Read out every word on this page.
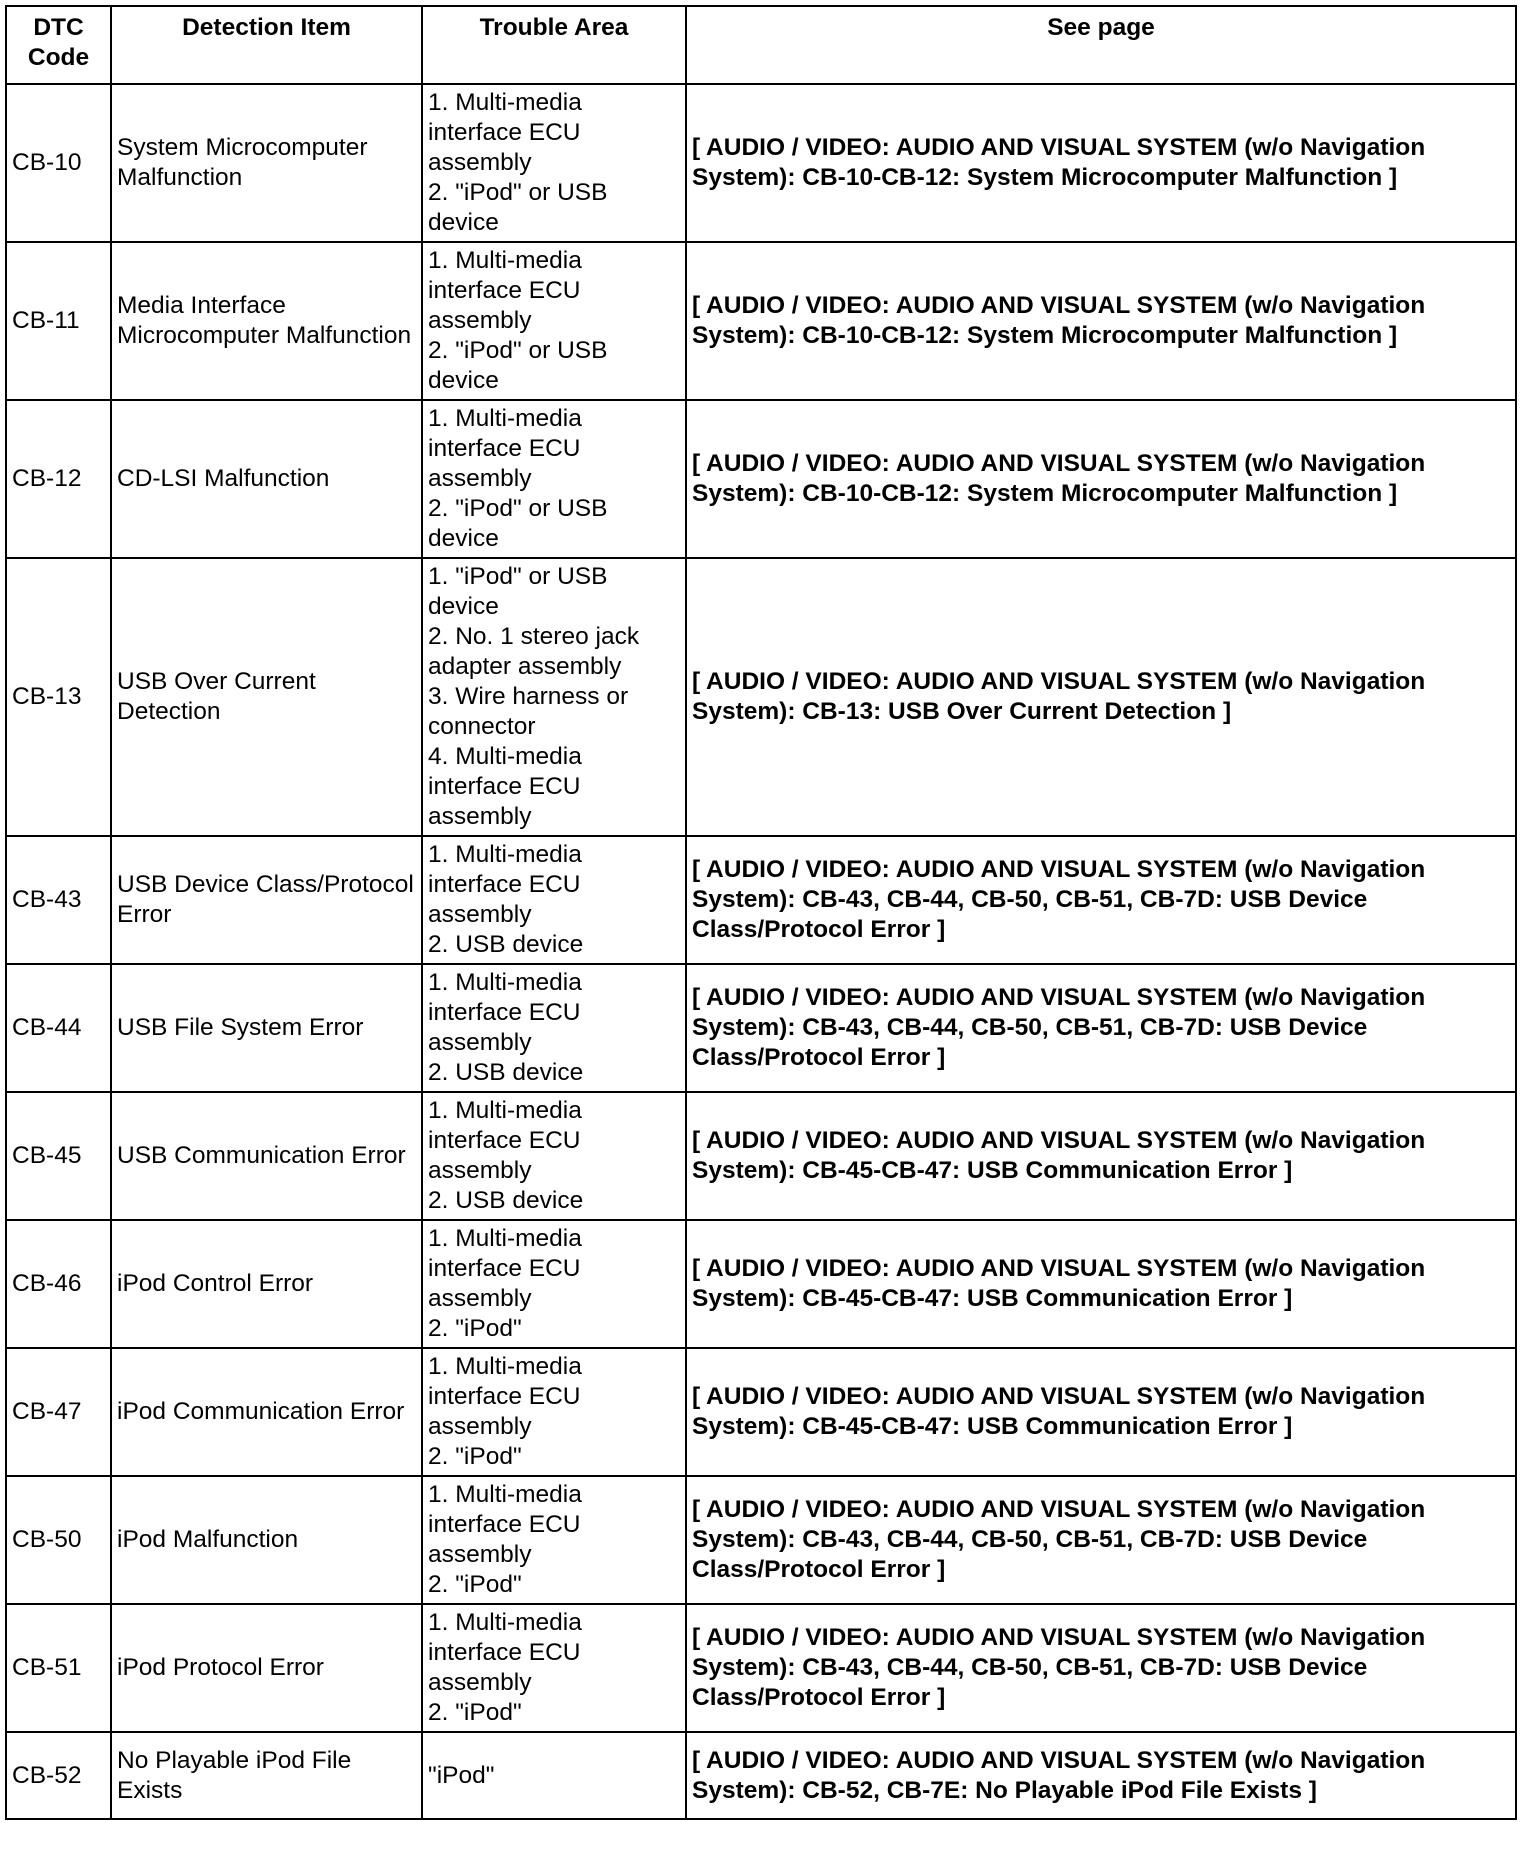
DTC Code	Detection Item	Trouble Area	See page
CB-10	System Microcomputer Malfunction	1. Multi-media interface ECU assembly
2. "iPod" or USB device	[ AUDIO / VIDEO: AUDIO AND VISUAL SYSTEM (w/o Navigation System): CB-10-CB-12: System Microcomputer Malfunction ]
CB-11	Media Interface Microcomputer Malfunction	1. Multi-media interface ECU assembly
2. "iPod" or USB device	[ AUDIO / VIDEO: AUDIO AND VISUAL SYSTEM (w/o Navigation System): CB-10-CB-12: System Microcomputer Malfunction ]
CB-12	CD-LSI Malfunction	1. Multi-media interface ECU assembly
2. "iPod" or USB device	[ AUDIO / VIDEO: AUDIO AND VISUAL SYSTEM (w/o Navigation System): CB-10-CB-12: System Microcomputer Malfunction ]
CB-13	USB Over Current Detection	1. "iPod" or USB device
2. No. 1 stereo jack adapter assembly
3. Wire harness or connector
4. Multi-media interface ECU assembly	[ AUDIO / VIDEO: AUDIO AND VISUAL SYSTEM (w/o Navigation System): CB-13: USB Over Current Detection ]
CB-43	USB Device Class/Protocol Error	1. Multi-media interface ECU assembly
2. USB device	[ AUDIO / VIDEO: AUDIO AND VISUAL SYSTEM (w/o Navigation System): CB-43, CB-44, CB-50, CB-51, CB-7D: USB Device Class/Protocol Error ]
CB-44	USB File System Error	1. Multi-media interface ECU assembly
2. USB device	[ AUDIO / VIDEO: AUDIO AND VISUAL SYSTEM (w/o Navigation System): CB-43, CB-44, CB-50, CB-51, CB-7D: USB Device Class/Protocol Error ]
CB-45	USB Communication Error	1. Multi-media interface ECU assembly
2. USB device	[ AUDIO / VIDEO: AUDIO AND VISUAL SYSTEM (w/o Navigation System): CB-45-CB-47: USB Communication Error ]
CB-46	iPod Control Error	1. Multi-media interface ECU assembly
2. "iPod"	[ AUDIO / VIDEO: AUDIO AND VISUAL SYSTEM (w/o Navigation System): CB-45-CB-47: USB Communication Error ]
CB-47	iPod Communication Error	1. Multi-media interface ECU assembly
2. "iPod"	[ AUDIO / VIDEO: AUDIO AND VISUAL SYSTEM (w/o Navigation System): CB-45-CB-47: USB Communication Error ]
CB-50	iPod Malfunction	1. Multi-media interface ECU assembly
2. "iPod"	[ AUDIO / VIDEO: AUDIO AND VISUAL SYSTEM (w/o Navigation System): CB-43, CB-44, CB-50, CB-51, CB-7D: USB Device Class/Protocol Error ]
CB-51	iPod Protocol Error	1. Multi-media interface ECU assembly
2. "iPod"	[ AUDIO / VIDEO: AUDIO AND VISUAL SYSTEM (w/o Navigation System): CB-43, CB-44, CB-50, CB-51, CB-7D: USB Device Class/Protocol Error ]
CB-52	No Playable iPod File Exists	"iPod"	[ AUDIO / VIDEO: AUDIO AND VISUAL SYSTEM (w/o Navigation System): CB-52, CB-7E: No Playable iPod File Exists ]
